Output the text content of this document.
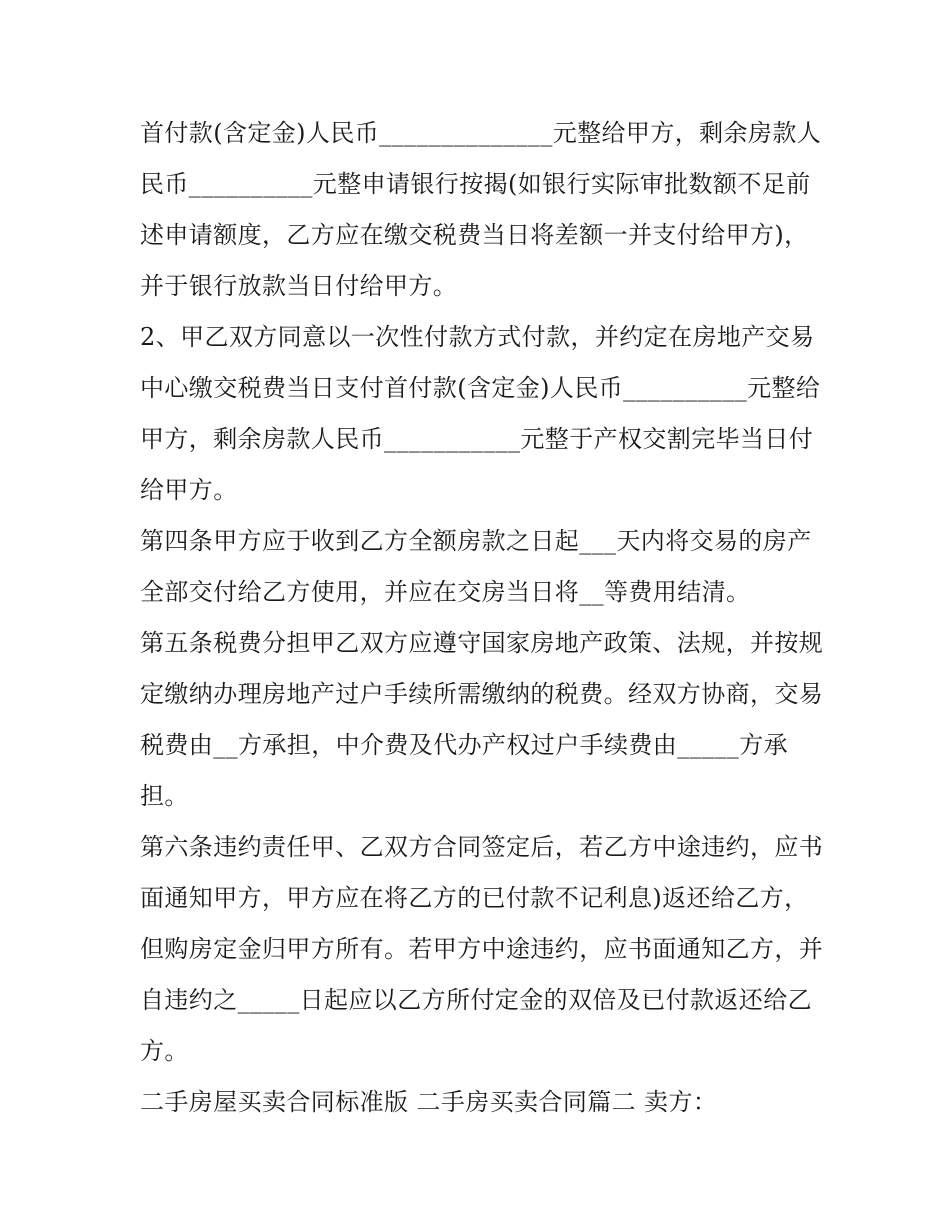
首付款(含定金)人民币______________元整给甲方，剩余房款人民币__________元整申请银行按揭(如银行实际审批数额不足前述申请额度，乙方应在缴交税费当日将差额一并支付给甲方)，并于银行放款当日付给甲方。

2、甲乙双方同意以一次性付款方式付款，并约定在房地产交易中心缴交税费当日支付首付款(含定金)人民币__________元整给甲方，剩余房款人民币___________元整于产权交割完毕当日付给甲方。

第四条甲方应于收到乙方全额房款之日起___天内将交易的房产全部交付给乙方使用，并应在交房当日将__等费用结清。

第五条税费分担甲乙双方应遵守国家房地产政策、法规，并按规定缴纳办理房地产过户手续所需缴纳的税费。经双方协商，交易税费由__方承担，中介费及代办产权过户手续费由_____方承担。

第六条违约责任甲、乙双方合同签定后，若乙方中途违约，应书面通知甲方，甲方应在将乙方的已付款不记利息)返还给乙方，但购房定金归甲方所有。若甲方中途违约，应书面通知乙方，并自违约之_____日起应以乙方所付定金的双倍及已付款返还给乙方。

二手房屋买卖合同标准版 二手房买卖合同篇二 卖方：
